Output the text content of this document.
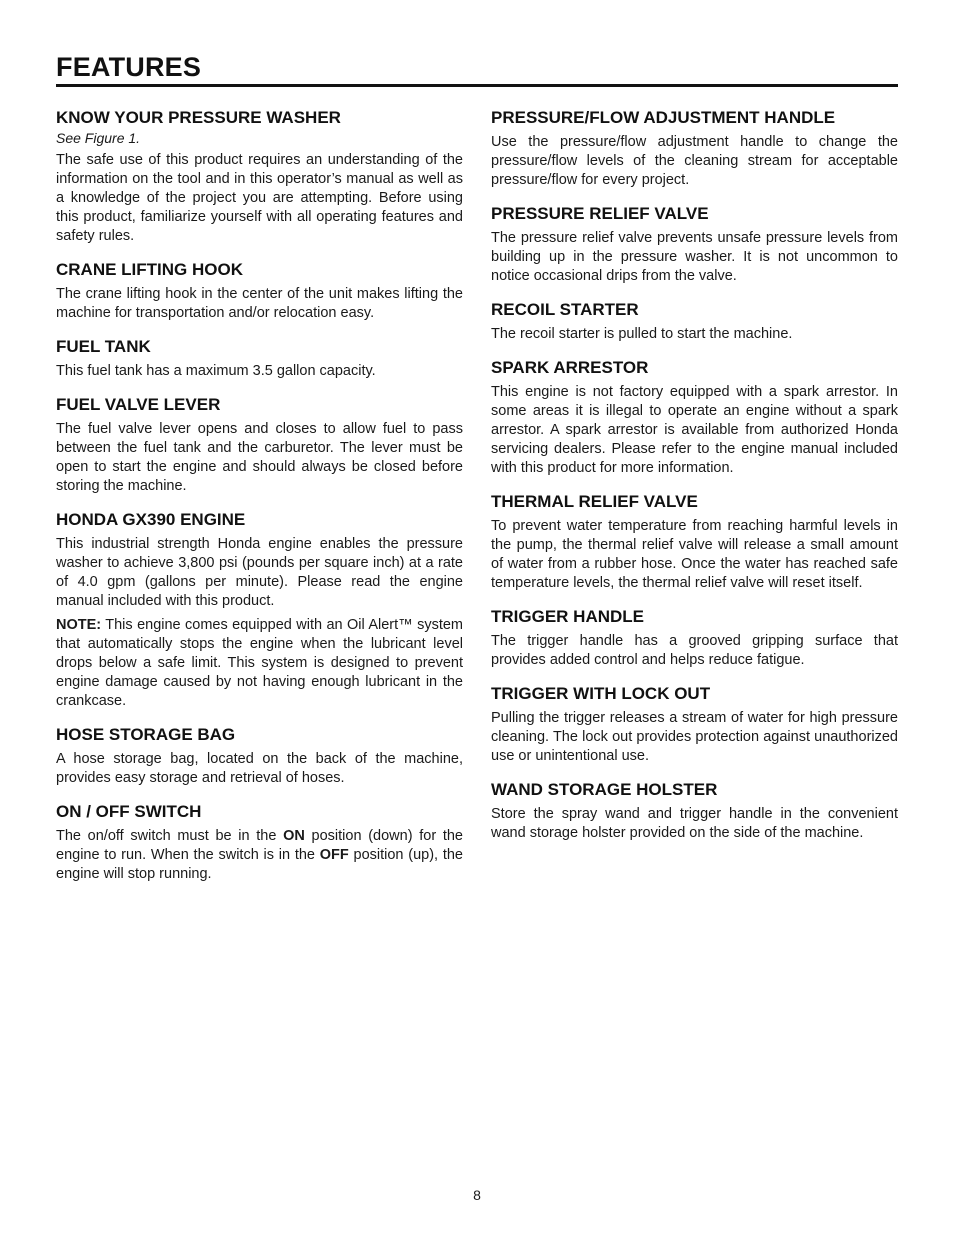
FEATURES
KNOW YOUR PRESSURE WASHER

See Figure 1.

The safe use of this product requires an understanding of the information on the tool and in this operator’s manual as well as a knowledge of the project you are attempting. Before using this product, familiarize yourself with all operating features and safety rules.

CRANE LIFTING HOOK

The crane lifting hook in the center of the unit makes lifting the machine for transportation and/or relocation easy.

FUEL TANK

This fuel tank has a maximum 3.5 gallon capacity.

FUEL VALVE LEVER

The fuel valve lever opens and closes to allow fuel to pass between the fuel tank and the carburetor. The lever must be open to start the engine and should always be closed before storing the machine.

HONDA GX390 ENGINE

This industrial strength Honda engine enables the pressure washer to achieve 3,800 psi (pounds per square inch) at a rate of 4.0 gpm (gallons per minute). Please read the engine manual included with this product.

NOTE: This engine comes equipped with an Oil Alert™ system that automatically stops the engine when the lubricant level drops below a safe limit. This system is designed to prevent engine damage caused by not having enough lubricant in the crankcase.

HOSE STORAGE BAG

A hose storage bag, located on the back of the machine, provides easy storage and retrieval of hoses.

ON / OFF SWITCH

The on/off switch must be in the ON position (down) for the engine to run. When the switch is in the OFF position (up), the engine will stop running.

PRESSURE/FLOW ADJUSTMENT HANDLE

Use the pressure/flow adjustment handle to change the pressure/flow levels of the cleaning stream for acceptable pressure/flow for every project.

PRESSURE RELIEF VALVE

The pressure relief valve prevents unsafe pressure levels from building up in the pressure washer. It is not uncommon to notice occasional drips from the valve.

RECOIL STARTER

The recoil starter is pulled to start the machine.

SPARK ARRESTOR

This engine is not factory equipped with a spark arrestor. In some areas it is illegal to operate an engine without a spark arrestor. A spark arrestor is available from authorized Honda servicing dealers. Please refer to the engine manual included with this product for more information.

THERMAL RELIEF VALVE

To prevent water temperature from reaching harmful levels in the pump, the thermal relief valve will release a small amount of water from a rubber hose. Once the water has reached safe temperature levels, the thermal relief valve will reset itself.

TRIGGER HANDLE

The trigger handle has a grooved gripping surface that provides added control and helps reduce fatigue.

TRIGGER WITH LOCK OUT

Pulling the trigger releases a stream of water for high pressure cleaning. The lock out provides protection against unauthorized use or unintentional use.

WAND STORAGE HOLSTER

Store the spray wand and trigger handle in the convenient wand storage holster provided on the side of the machine.

8
